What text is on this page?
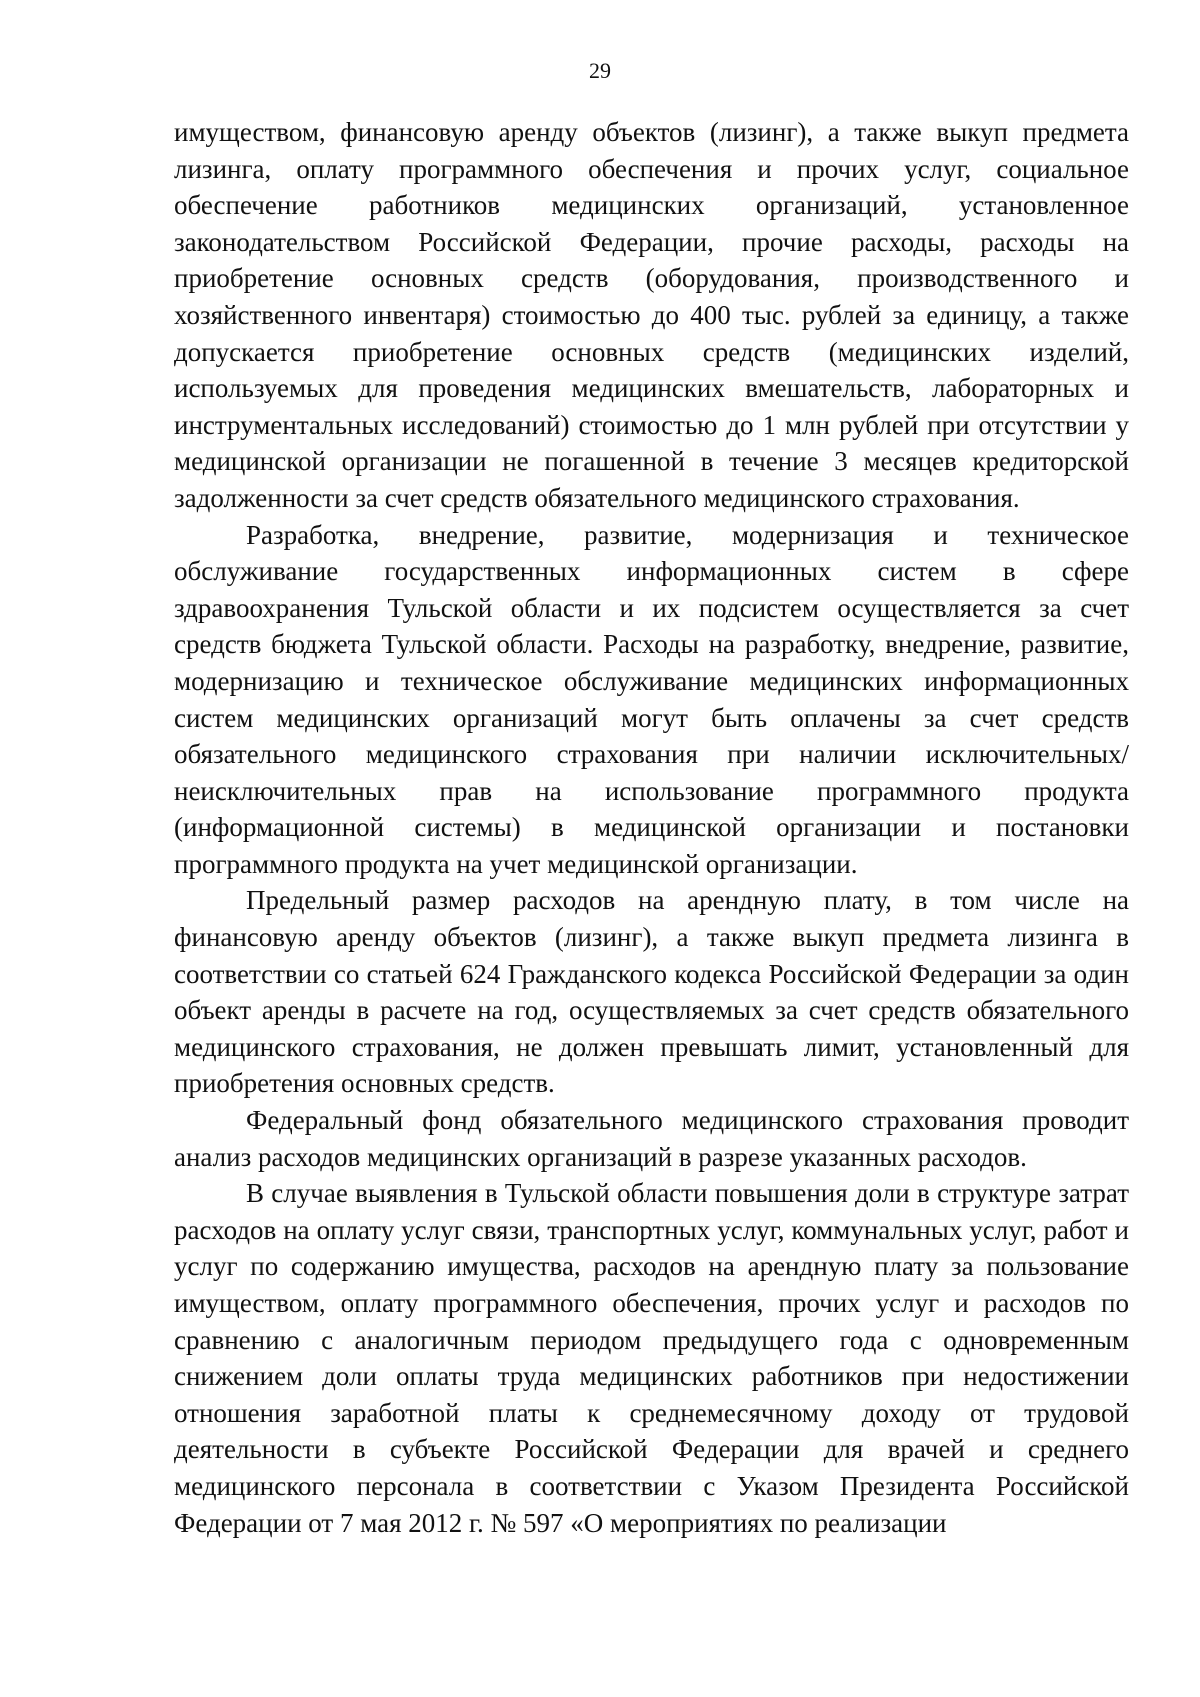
29

имуществом, финансовую аренду объектов (лизинг), а также выкуп предмета лизинга, оплату программного обеспечения и прочих услуг, социальное обеспечение работников медицинских организаций, установленное законодательством Российской Федерации, прочие расходы, расходы на приобретение основных средств (оборудования, производственного и хозяйственного инвентаря) стоимостью до 400 тыс. рублей за единицу, а также допускается приобретение основных средств (медицинских изделий, используемых для проведения медицинских вмешательств, лабораторных и инструментальных исследований) стоимостью до 1 млн рублей при отсутствии у медицинской организации не погашенной в течение 3 месяцев кредиторской задолженности за счет средств обязательного медицинского страхования.

Разработка, внедрение, развитие, модернизация и техническое обслуживание государственных информационных систем в сфере здравоохранения Тульской области и их подсистем осуществляется за счет средств бюджета Тульской области. Расходы на разработку, внедрение, развитие, модернизацию и техническое обслуживание медицинских информационных систем медицинских организаций могут быть оплачены за счет средств обязательного медицинского страхования при наличии исключительных/неисключительных прав на использование программного продукта (информационной системы) в медицинской организации и постановки программного продукта на учет медицинской организации.

Предельный размер расходов на арендную плату, в том числе на финансовую аренду объектов (лизинг), а также выкуп предмета лизинга в соответствии со статьей 624 Гражданского кодекса Российской Федерации за один объект аренды в расчете на год, осуществляемых за счет средств обязательного медицинского страхования, не должен превышать лимит, установленный для приобретения основных средств.

Федеральный фонд обязательного медицинского страхования проводит анализ расходов медицинских организаций в разрезе указанных расходов.

В случае выявления в Тульской области повышения доли в структуре затрат расходов на оплату услуг связи, транспортных услуг, коммунальных услуг, работ и услуг по содержанию имущества, расходов на арендную плату за пользование имуществом, оплату программного обеспечения, прочих услуг и расходов по сравнению с аналогичным периодом предыдущего года с одновременным снижением доли оплаты труда медицинских работников при недостижении отношения заработной платы к среднемесячному доходу от трудовой деятельности в субъекте Российской Федерации для врачей и среднего медицинского персонала в соответствии с Указом Президента Российской Федерации от 7 мая 2012 г. № 597 «О мероприятиях по реализации
